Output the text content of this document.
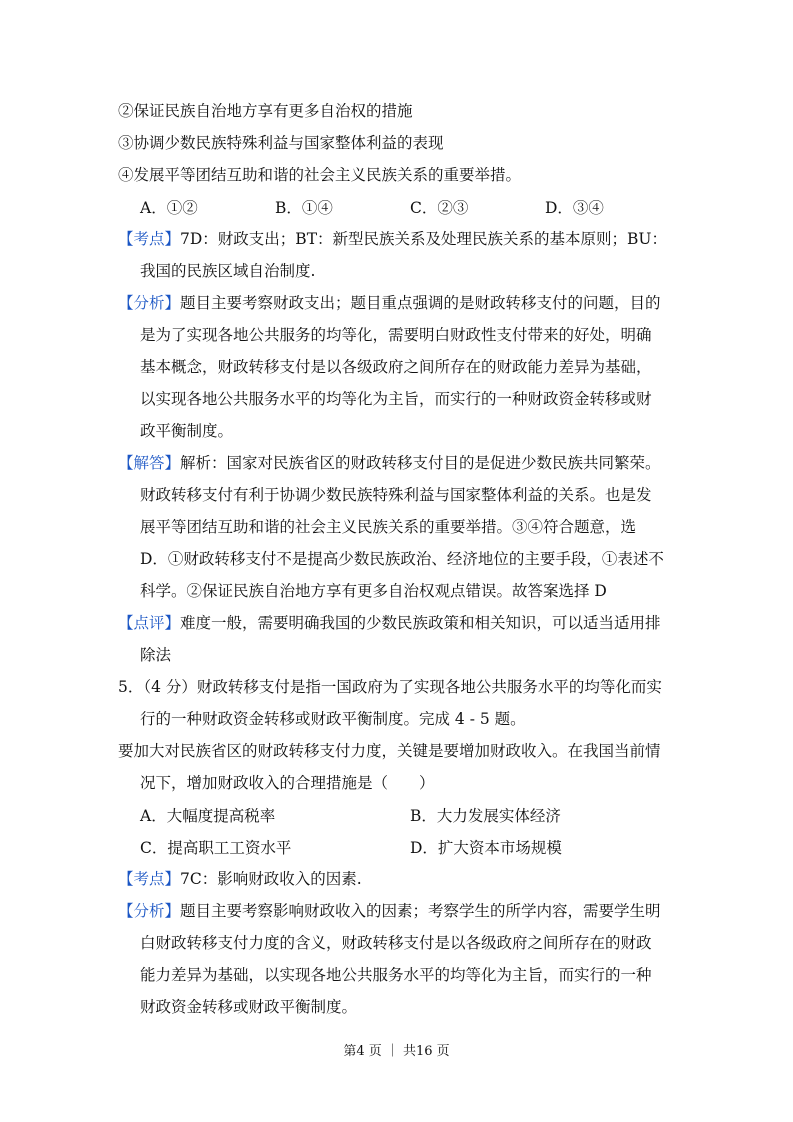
②保证民族自治地方享有更多自治权的措施
③协调少数民族特殊利益与国家整体利益的表现
④发展平等团结互助和谐的社会主义民族关系的重要举措。
A．①②	B．①④	C．②③	D．③④
【考点】7D：财政支出；BT：新型民族关系及处理民族关系的基本原则；BU：
我国的民族区域自治制度.
【分析】题目主要考察财政支出；题目重点强调的是财政转移支付的问题，目的
是为了实现各地公共服务的均等化，需要明白财政性支付带来的好处，明确
基本概念，财政转移支付是以各级政府之间所存在的财政能力差异为基础，
以实现各地公共服务水平的均等化为主旨，而实行的一种财政资金转移或财
政平衡制度。
【解答】解析：国家对民族省区的财政转移支付目的是促进少数民族共同繁荣。
财政转移支付有利于协调少数民族特殊利益与国家整体利益的关系。也是发
展平等团结互助和谐的社会主义民族关系的重要举措。③④符合题意，选
D．①财政转移支付不是提高少数民族政治、经济地位的主要手段，①表述不
科学。②保证民族自治地方享有更多自治权观点错误。故答案选择 D
【点评】难度一般，需要明确我国的少数民族政策和相关知识，可以适当适用排
除法
5．（4 分）财政转移支付是指一国政府为了实现各地公共服务水平的均等化而实
行的一种财政资金转移或财政平衡制度。完成 4 - 5 题。
要加大对民族省区的财政转移支付力度，关键是要增加财政收入。在我国当前情
况下，增加财政收入的合理措施是（　　）
A．大幅度提高税率	B．大力发展实体经济
C．提高职工工资水平	D．扩大资本市场规模
【考点】7C：影响财政收入的因素.
【分析】题目主要考察影响财政收入的因素；考察学生的所学内容，需要学生明
白财政转移支付力度的含义，财政转移支付是以各级政府之间所存在的财政
能力差异为基础，以实现各地公共服务水平的均等化为主旨，而实行的一种
财政资金转移或财政平衡制度。
第4 页 ｜ 共16 页
